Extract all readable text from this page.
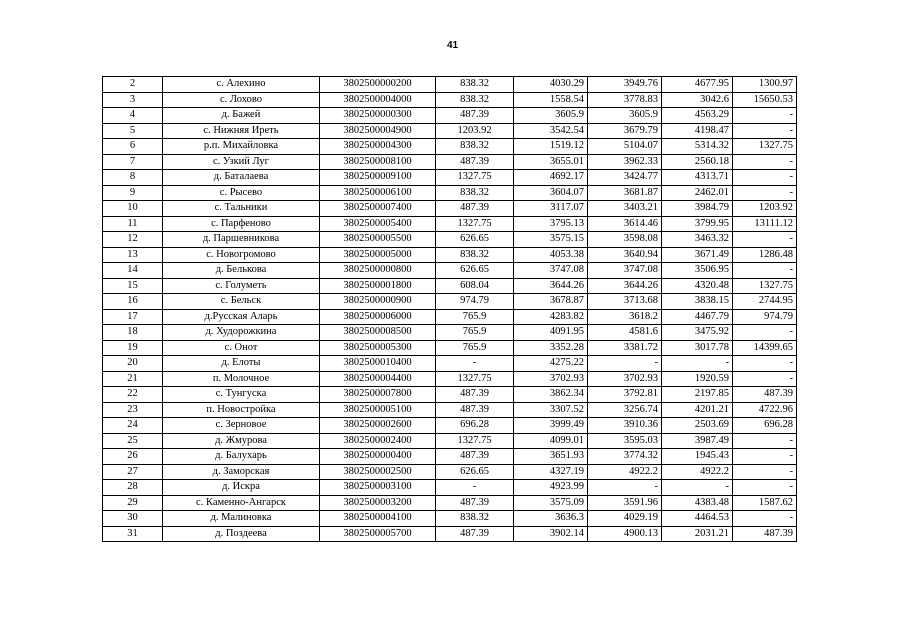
41
2	с. Алехино	3802500000200	838.32	4030.29	3949.76	4677.95	1300.97
3	с. Лохово	3802500004000	838.32	1558.54	3778.83	3042.6	15650.53
4	д. Бажей	3802500000300	487.39	3605.9	3605.9	4563.29	-
5	с. Нижняя Иреть	3802500004900	1203.92	3542.54	3679.79	4198.47	-
6	р.п. Михайловка	3802500004300	838.32	1519.12	5104.07	5314.32	1327.75
7	с. Узкий Луг	3802500008100	487.39	3655.01	3962.33	2560.18	-
8	д. Баталаева	3802500009100	1327.75	4692.17	3424.77	4313.71	-
9	с. Рысево	3802500006100	838.32	3604.07	3681.87	2462.01	-
10	с. Тальники	3802500007400	487.39	3117.07	3403.21	3984.79	1203.92
11	с. Парфеново	3802500005400	1327.75	3795.13	3614.46	3799.95	13111.12
12	д. Паршевникова	3802500005500	626.65	3575.15	3598.08	3463.32	-
13	с. Новогромово	3802500005000	838.32	4053.38	3640.94	3671.49	1286.48
14	д. Белькова	3802500000800	626.65	3747.08	3747.08	3506.95	-
15	с. Голуметь	3802500001800	608.04	3644.26	3644.26	4320.48	1327.75
16	с. Бельск	3802500000900	974.79	3678.87	3713.68	3838.15	2744.95
17	д.Русская Аларь	3802500006000	765.9	4283.82	3618.2	4467.79	974.79
18	д. Худорожкина	3802500008500	765.9	4091.95	4581.6	3475.92	-
19	с. Онот	3802500005300	765.9	3352.28	3381.72	3017.78	14399.65
20	д. Елоты	3802500010400	-	4275.22	-	-	-
21	п. Молочное	3802500004400	1327.75	3702.93	3702.93	1920.59	-
22	с. Тунгуска	3802500007800	487.39	3862.34	3792.81	2197.85	487.39
23	п. Новостройка	3802500005100	487.39	3307.52	3256.74	4201.21	4722.96
24	с. Зерновое	3802500002600	696.28	3999.49	3910.36	2503.69	696.28
25	д. Жмурова	3802500002400	1327.75	4099.01	3595.03	3987.49	-
26	д. Балухарь	3802500000400	487.39	3651.93	3774.32	1945.43	-
27	д. Заморская	3802500002500	626.65	4327.19	4922.2	4922.2	-
28	д. Искра	3802500003100	-	4923.99	-	-	-
29	с. Каменно-Ангарск	3802500003200	487.39	3575.09	3591.96	4383.48	1587.62
30	д. Малиновка	3802500004100	838.32	3636.3	4029.19	4464.53	-
31	д. Поздеева	3802500005700	487.39	3902.14	4900.13	2031.21	487.39
